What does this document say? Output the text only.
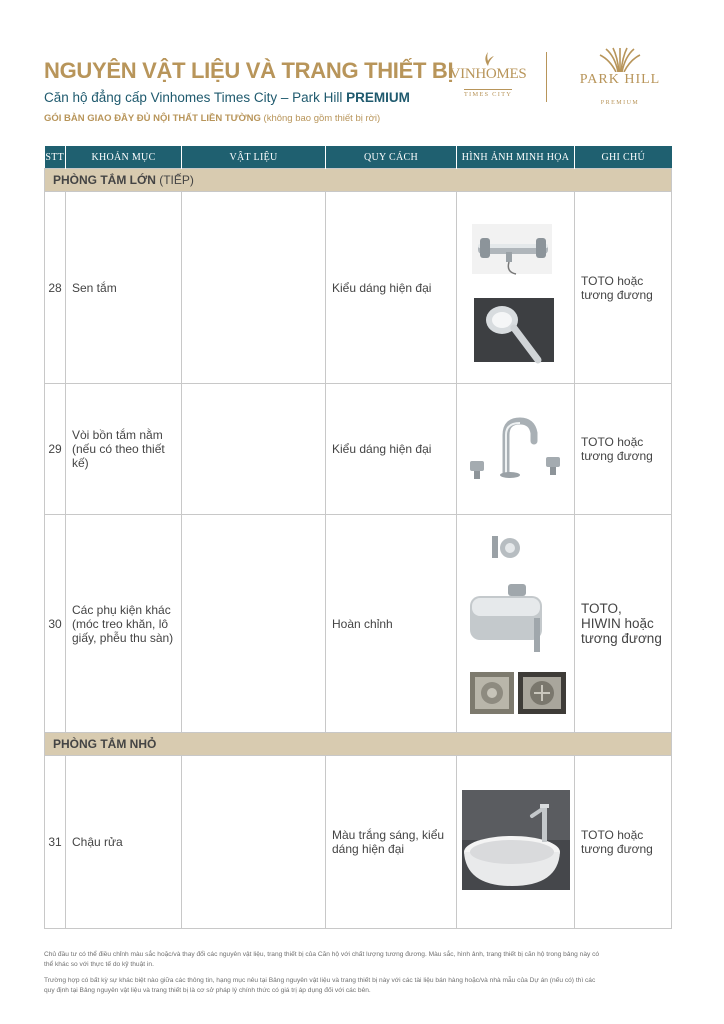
NGUYÊN VẬT LIỆU VÀ TRANG THIẾT BỊ
Căn hộ đẳng cấp Vinhomes Times City – Park Hill PREMIUM
GÓI BÀN GIAO ĐẦY ĐỦ NỘI THẤT LIỀN TƯỜNG (không bao gồm thiết bị rời)
VINHOMES
TIMES CITY
PARK HILL
PREMIUM
STT	KHOẢN MỤC	VẬT LIỆU	QUY CÁCH	HÌNH ẢNH MINH HỌA	GHI CHÚ
PHÒNG TẮM LỚN (TIẾP)					
28	Sen tắm		Kiểu dáng hiện đại		TOTO hoặc tương đương
29	Vòi bồn tắm nằm (nếu có theo thiết kế)		Kiểu dáng hiện đại		TOTO hoặc tương đương
30	Các phụ kiện khác (móc treo khăn, lô giấy, phễu thu sàn)		Hoàn chỉnh		TOTO, HIWIN hoặc tương đương
PHÒNG TẮM NHỎ					
31	Chậu rửa		Màu trắng sáng, kiểu dáng hiện đại		TOTO hoặc tương đương

Chủ đầu tư có thể điều chỉnh màu sắc hoặc/và thay đổi các nguyên vật liệu, trang thiết bị của Căn hộ với chất lượng tương đương. Màu sắc, hình ảnh, trang thiết bị căn hộ trong bảng này có thể khác so với thực tế do kỹ thuật in.

Trường hợp có bất kỳ sự khác biệt nào giữa các thông tin, hạng mục nêu tại Bảng nguyên vật liệu và trang thiết bị này với các tài liệu bán hàng hoặc/và nhà mẫu của Dự án (nếu có) thì các quy định tại Bảng nguyên vật liệu và trang thiết bị là cơ sở pháp lý chính thức có giá trị áp dụng đối với các bên.
